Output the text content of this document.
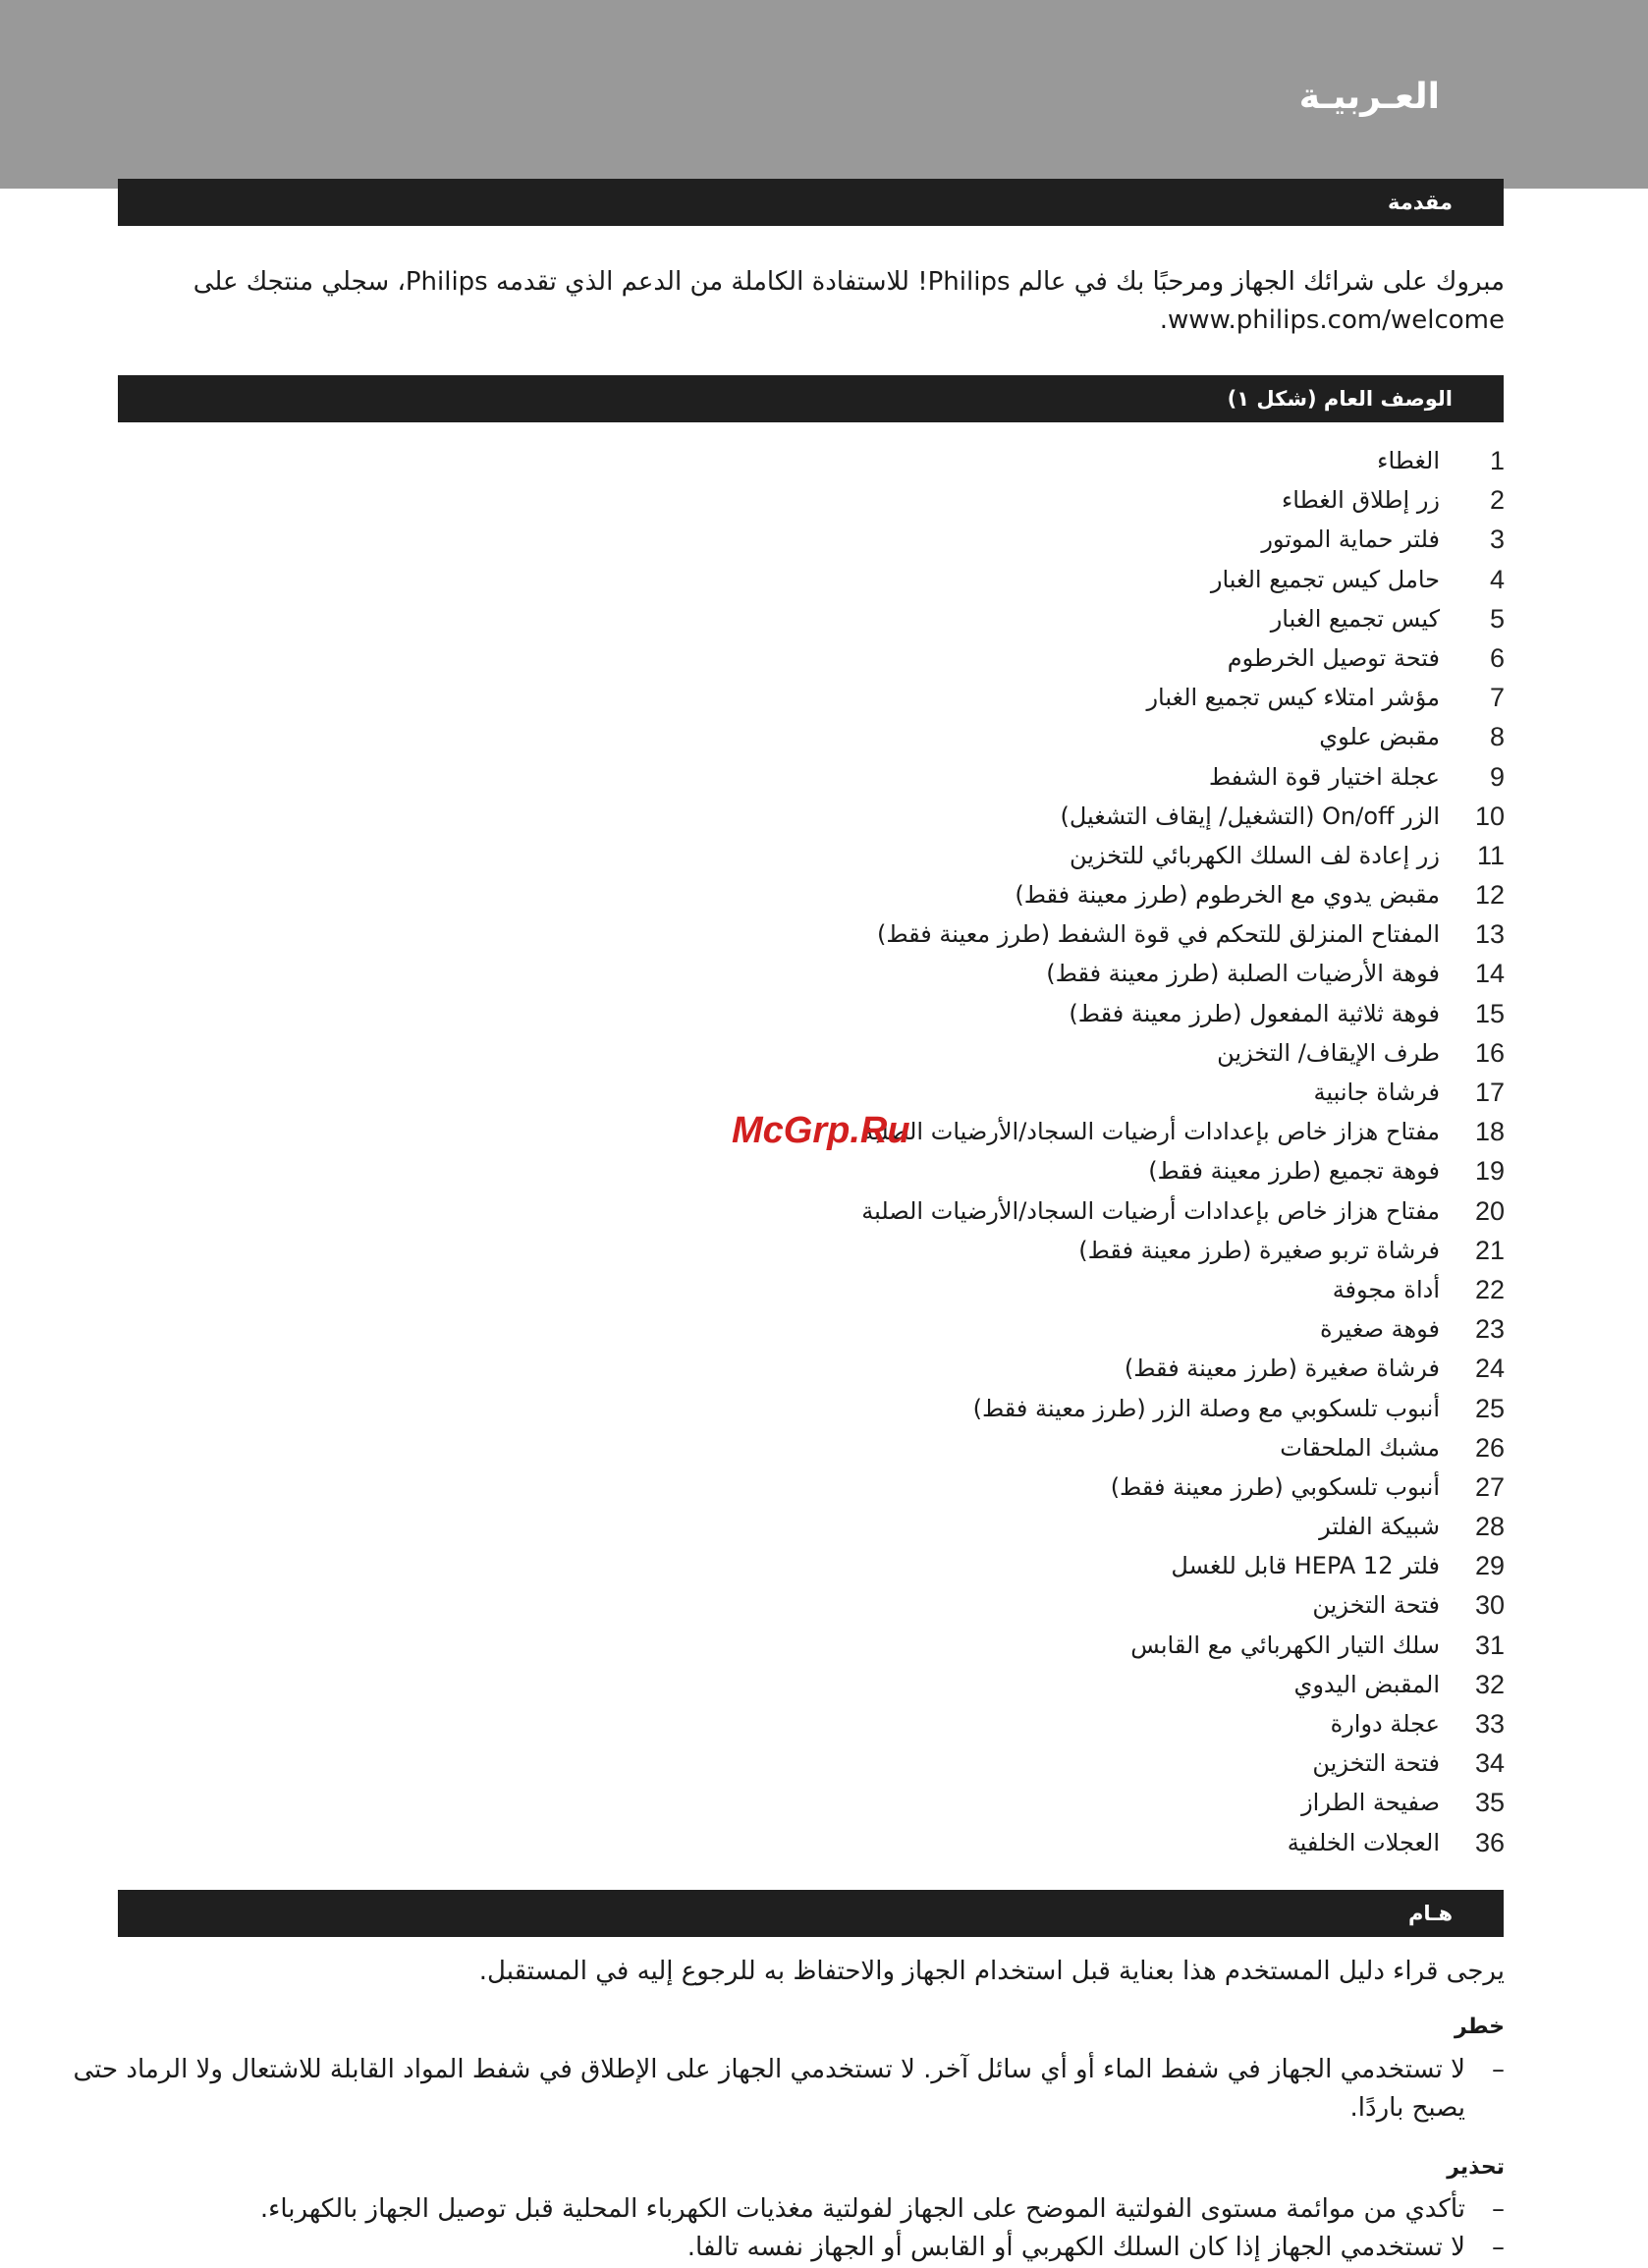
العـربيـة
مقدمة
مبروك على شرائك الجهاز ومرحبًا بك في عالم Philips! للاستفادة الكاملة من الدعم الذي تقدمه Philips، سجلي منتجك على
www.philips.com/welcome.
الوصف العام (شكل ١)
1
الغطاء
2
زر إطلاق الغطاء
3
فلتر حماية الموتور
4
حامل كيس تجميع الغبار
5
كيس تجميع الغبار
6
فتحة توصيل الخرطوم
7
مؤشر امتلاء كيس تجميع الغبار
8
مقبض علوي
9
عجلة اختيار قوة الشفط
10
الزر On/off (التشغيل/ إيقاف التشغيل)
11
زر إعادة لف السلك الكهربائي للتخزين
12
مقبض يدوي مع الخرطوم (طرز معينة فقط)
13
المفتاح المنزلق للتحكم في قوة الشفط (طرز معينة فقط)
14
فوهة الأرضيات الصلبة (طرز معينة فقط)
15
فوهة ثلاثية المفعول (طرز معينة فقط)
16
طرف الإيقاف/ التخزين
17
فرشاة جانبية
18
مفتاح هزاز خاص بإعدادات أرضيات السجاد/الأرضيات الصلبة
19
فوهة تجميع (طرز معينة فقط)
20
مفتاح هزاز خاص بإعدادات أرضيات السجاد/الأرضيات الصلبة
21
فرشاة تربو صغيرة (طرز معينة فقط)
22
أداة مجوفة
23
فوهة صغيرة
24
فرشاة صغيرة (طرز معينة فقط)
25
أنبوب تلسكوبي مع وصلة الزر (طرز معينة فقط)
26
مشبك الملحقات
27
أنبوب تلسكوبي (طرز معينة فقط)
28
شبيكة الفلتر
29
فلتر HEPA 12 قابل للغسل
30
فتحة التخزين
31
سلك التيار الكهربائي مع القابس
32
المقبض اليدوي
33
عجلة دوارة
34
فتحة التخزين
35
صفيحة الطراز
36
العجلات الخلفية
هـام
يرجى قراء دليل المستخدم هذا بعناية قبل استخدام الجهاز والاحتفاظ به للرجوع إليه في المستقبل.
خطر
–
لا تستخدمي الجهاز في شفط الماء أو أي سائل آخر. لا تستخدمي الجهاز على الإطلاق في شفط المواد القابلة للاشتعال ولا الرماد حتى
يصبح باردًا.
تحذير
–
تأكدي من موائمة مستوى الفولتية الموضح على الجهاز لفولتية مغذيات الكهرباء المحلية قبل توصيل الجهاز بالكهرباء.
–
لا تستخدمي الجهاز إذا كان السلك الكهربي أو القابس أو الجهاز نفسه تالفا.
McGrp.Ru
